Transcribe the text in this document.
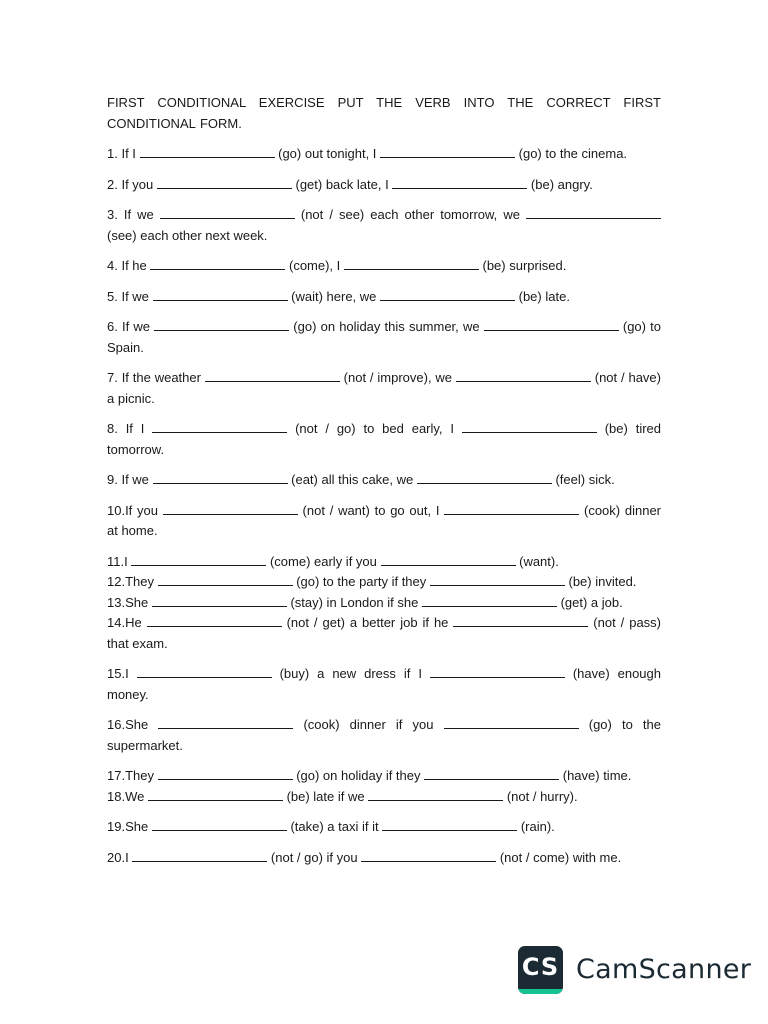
FIRST CONDITIONAL EXERCISE PUT THE VERB INTO THE CORRECT FIRST CONDITIONAL FORM.

1. If I	(go) out tonight, I	(go) to the cinema.

2. If you	(get) back late, I	(be) angry.

3. If we	(not / see) each other tomorrow, we  (see) each other next week.

4. If he	(come), I	(be) surprised.

5. If we	(wait) here, we	(be) late.

6. If we	(go) on holiday this summer, we	(go) to Spain.

7. If the weather	(not / improve), we	(not / have) a picnic.

8. If I	(not / go) to bed early, I	(be) tired tomorrow.

9. If we	(eat) all this cake, we	(feel) sick.

10.If you	(not / want) to go out, I	(cook) dinner at home.

11.I	(come) early if you	(want).

12.They	(go) to the party if they	(be) invited.

13.She	(stay) in London if she	(get) a job.

14.He	(not / get) a better job if he	(not / pass) that exam.

15.I	(buy) a new dress if I	(have) enough money.

16.She	(cook) dinner if you	(go) to the supermarket.

17.They	(go) on holiday if they	(have) time.

18.We	(be) late if we	(not / hurry).

19.She	(take) a taxi if it	(rain).

20.I	(not / go) if you	(not / come) with me.

CS CamScanner
